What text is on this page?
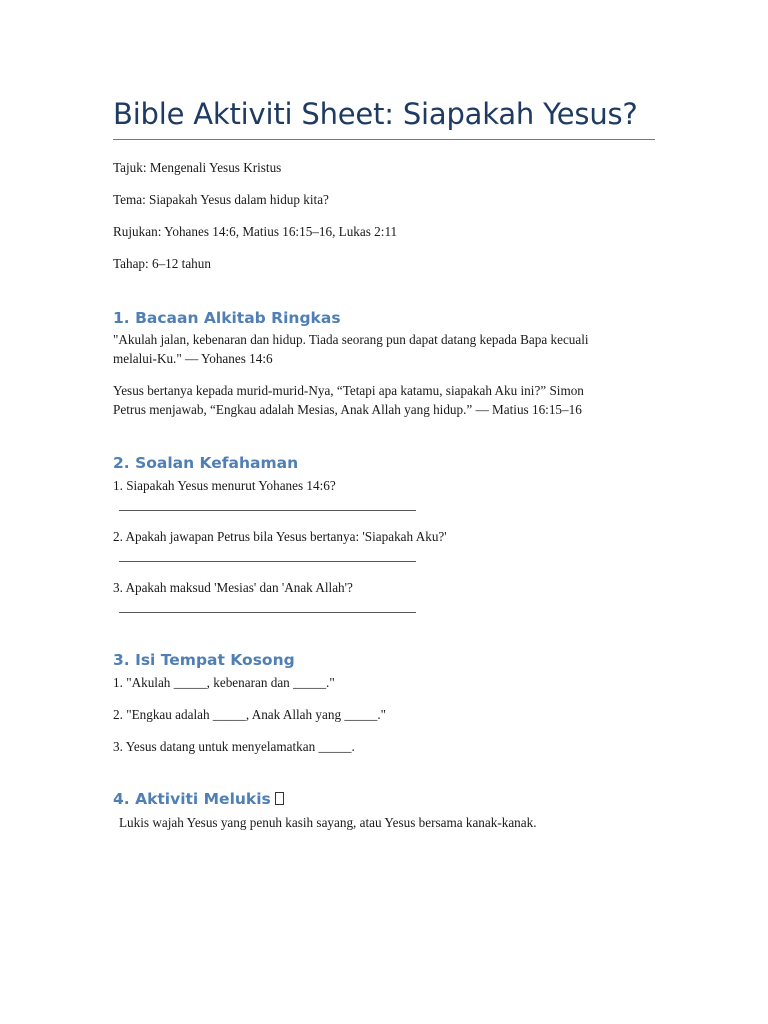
Bible Aktiviti Sheet: Siapakah Yesus?
Tajuk: Mengenali Yesus Kristus
Tema: Siapakah Yesus dalam hidup kita?
Rujukan: Yohanes 14:6, Matius 16:15–16, Lukas 2:11
Tahap: 6–12 tahun
1. Bacaan Alkitab Ringkas
"Akulah jalan, kebenaran dan hidup. Tiada seorang pun dapat datang kepada Bapa kecuali
melalui-Ku." — Yohanes 14:6
Yesus bertanya kepada murid-murid-Nya, “Tetapi apa katamu, siapakah Aku ini?” Simon
Petrus menjawab, “Engkau adalah Mesias, Anak Allah yang hidup.” — Matius 16:15–16
2. Soalan Kefahaman
1. Siapakah Yesus menurut Yohanes 14:6?
2. Apakah jawapan Petrus bila Yesus bertanya: 'Siapakah Aku?'
3. Apakah maksud 'Mesias' dan 'Anak Allah'?
3. Isi Tempat Kosong
1. "Akulah _____, kebenaran dan _____."
2. "Engkau adalah _____, Anak Allah yang _____."
3. Yesus datang untuk menyelamatkan _____.
4. Aktiviti Melukis
Lukis wajah Yesus yang penuh kasih sayang, atau Yesus bersama kanak-kanak.
